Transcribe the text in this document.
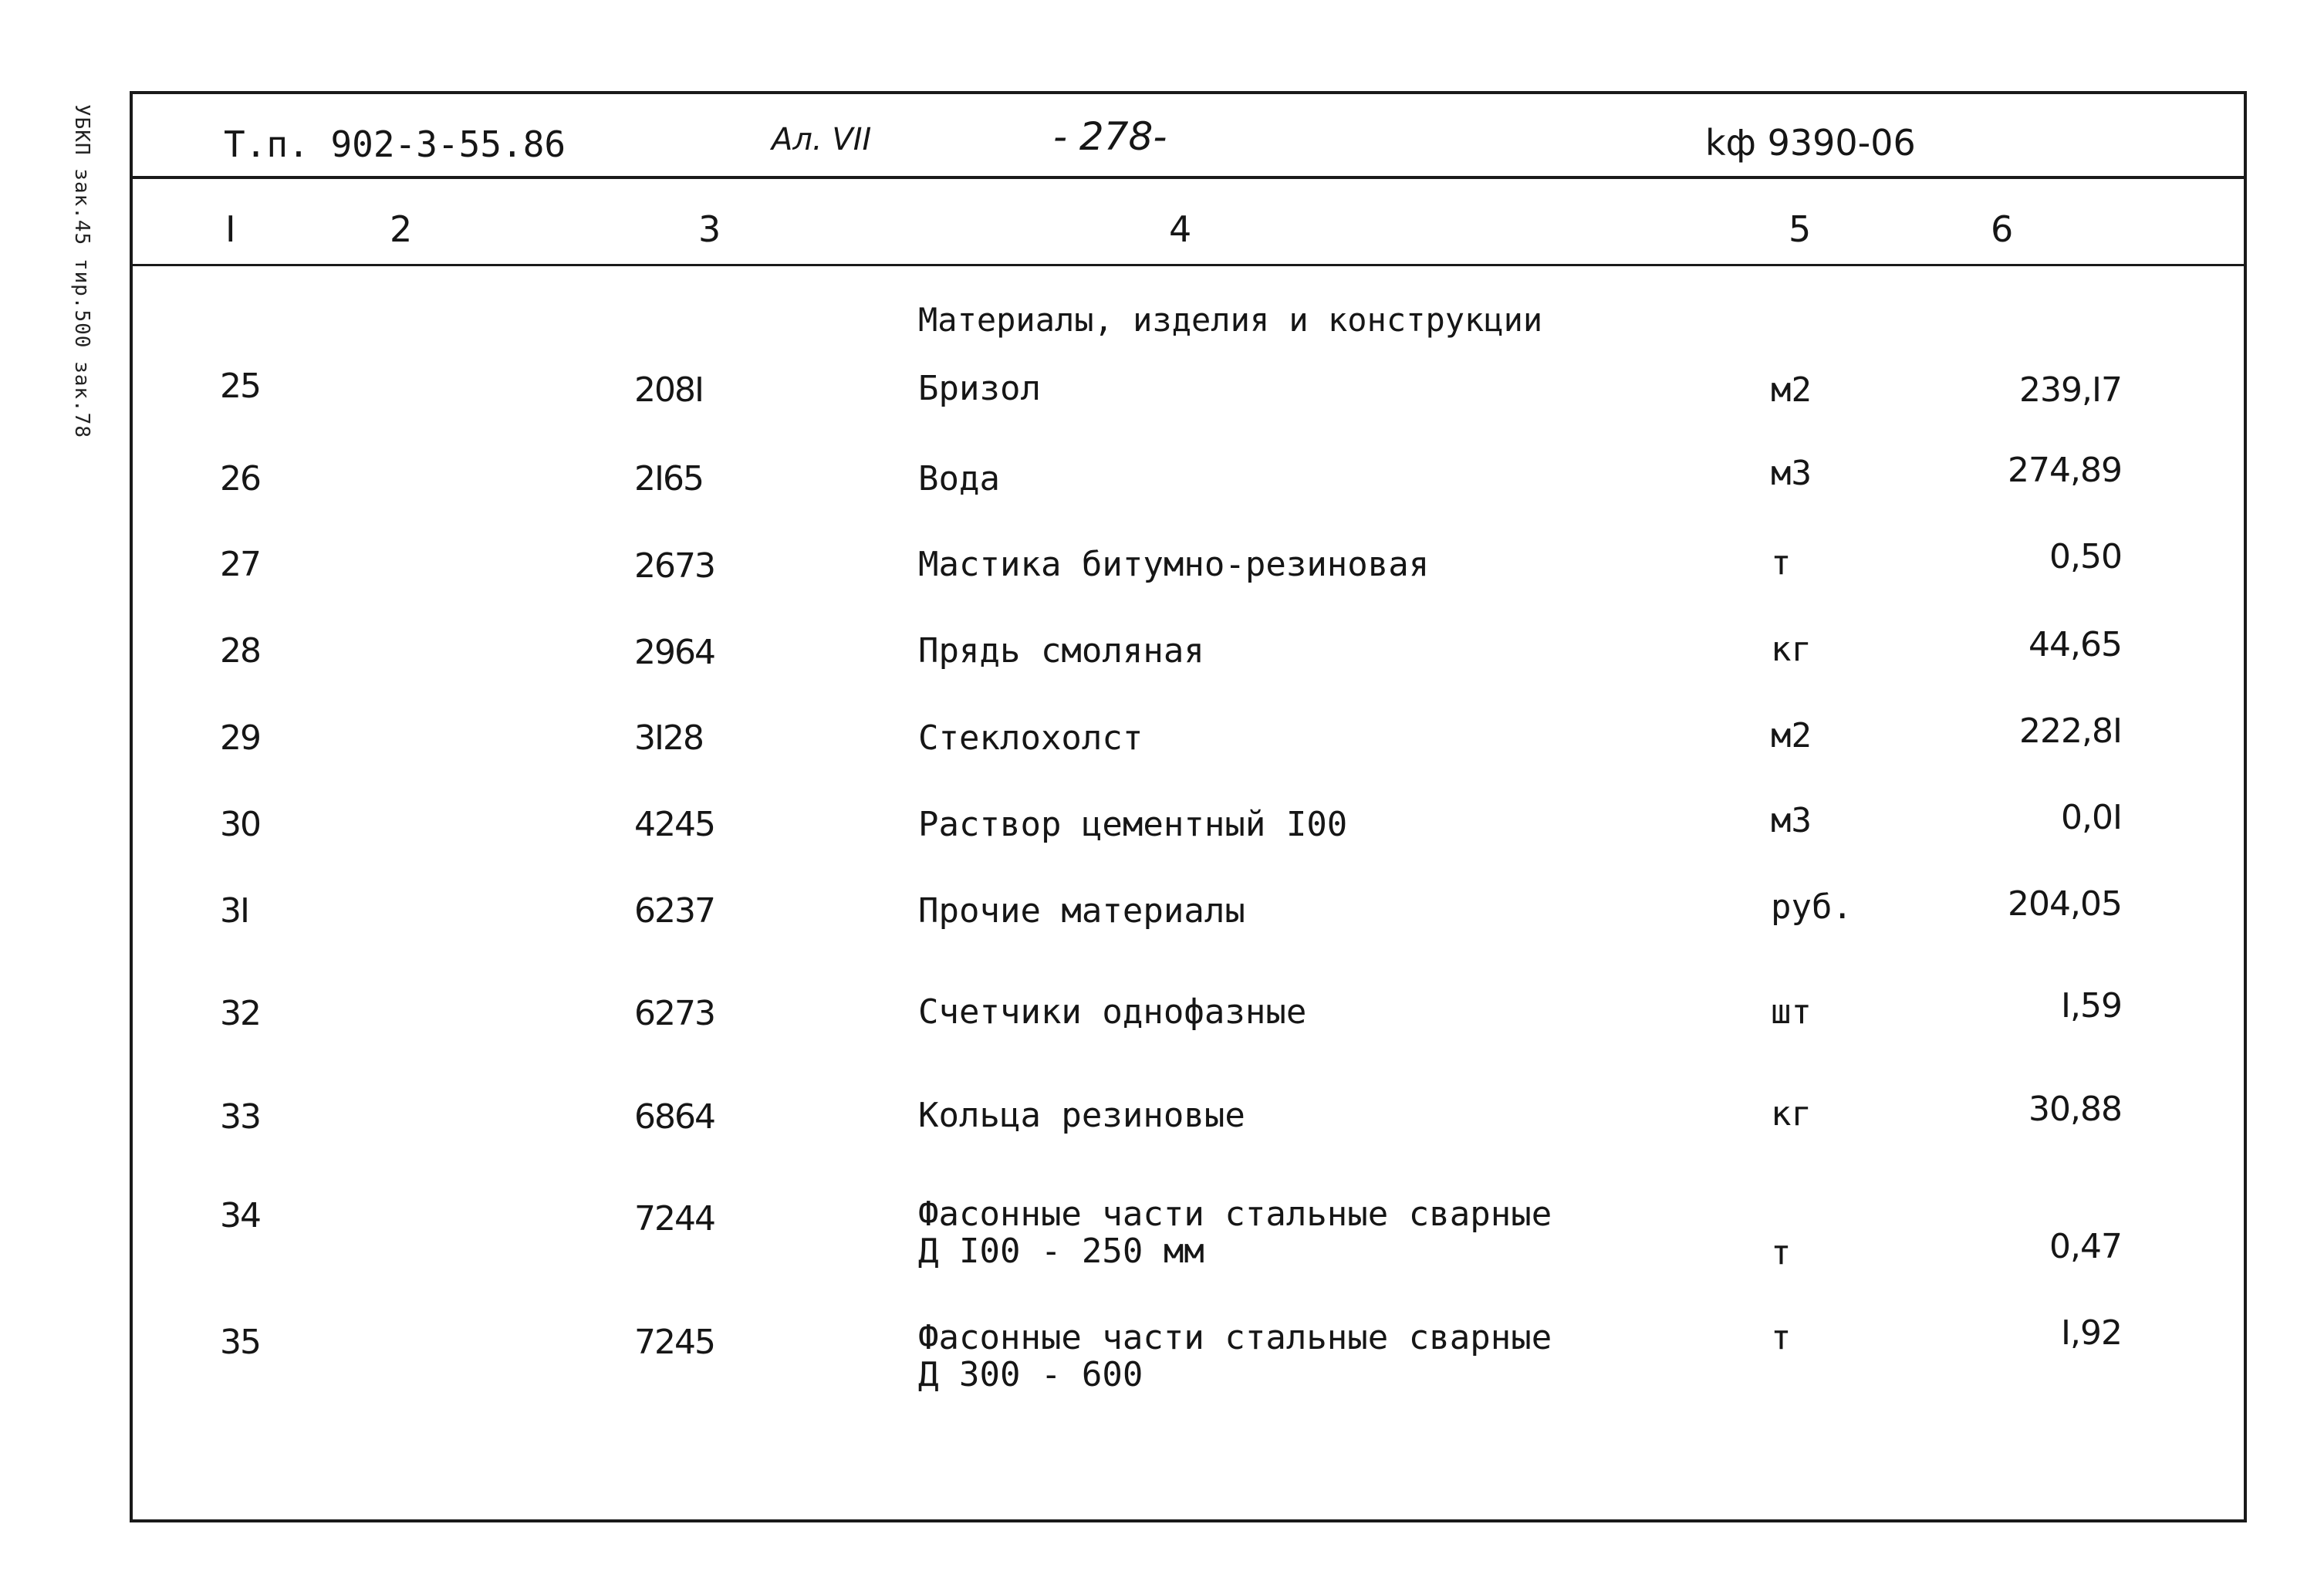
УБКП зак.45 тир.500 зак.78	Т.п. 902-3-55.86	Ал. VII	- 278-	kф 9390-06
I	2	3	4	5	6
Материалы, изделия и конструкции
25	208I	Бризол	м2	239,I7
26	2I65	Вода	м3	274,89
27	2673	Мастика битумно-резиновая	т	0,50
28	2964	Прядь смоляная	кг	44,65
29	3I28	Стеклохолст	м2	222,8I
30	4245	Раствор цементный I00	м3	0,0I
3I	6237	Прочие материалы	руб.	204,05
32	6273	Счетчики однофазные	шт	I,59
33	6864	Кольца резиновые	кг	30,88
34	7244	Фасонные части стальные сварные
Д I00 - 250 мм	т	0,47
35	7245	Фасонные части стальные сварные
Д 300 - 600
т	I,92
